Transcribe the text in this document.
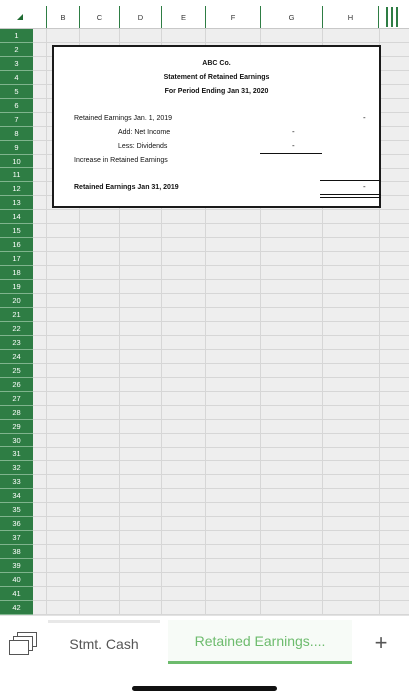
B	C	D	E	F	G	H
1
2
3
4
5
6
7
8
9
10
11
12
13
14
15
16
17
18
19
20
21
22
23
24
25
26
27
28
29
30
31
32
33
34
35
36
37
38
39
40
41
42
ABC Co.
Statement of Retained Earnings
For Period Ending Jan 31, 2020
Retained Earnings Jan. 1, 2019	-
Add: Net Income	-
Less: Dividends	-
Increase in Retained Earnings
Retained Earnings Jan 31, 2019	-
Stmt. Cash	Retained Earnings....	+
